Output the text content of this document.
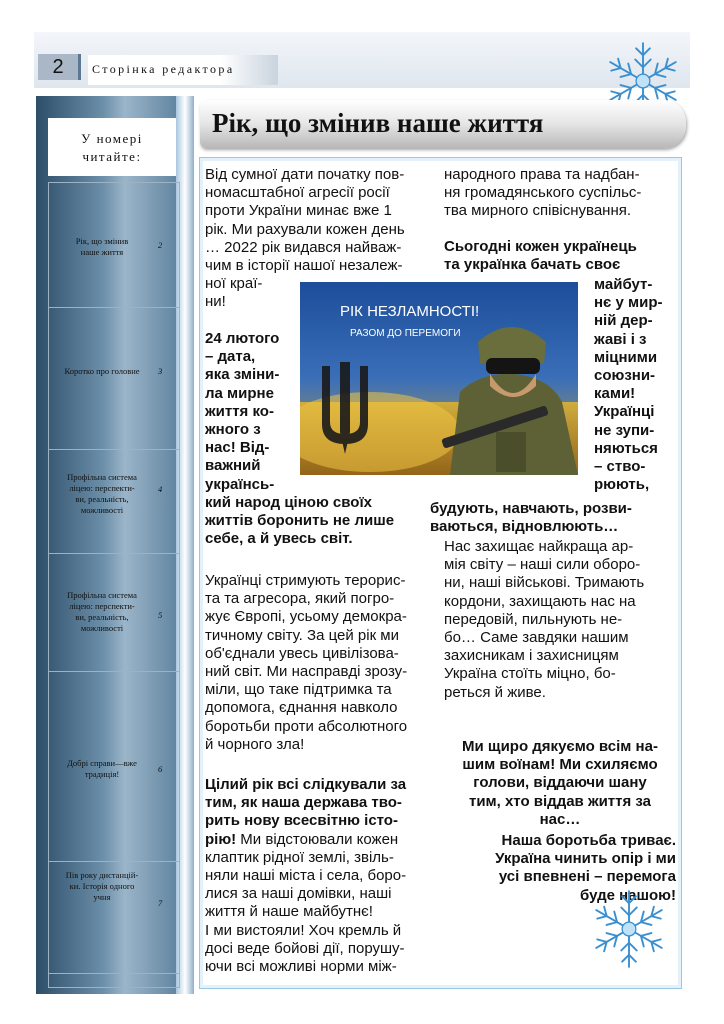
2	Сторінка редактора
У номері
читайте:
Рік, що змінив
наше життя
2
Коротко про головне	3
Профільна система
ліцею: перспекти-
ви, реальність,
можливості
4
Профільна система
ліцею: перспекти-
ви, реальність,
можливості
5
Добрі справи—вже
традиція!	6
Пів року дистанцій-
ки. Історія одного
учня
7
Рік, що змінив наше життя
Від сумної дати початку пов-
номасштабної агресії росії
проти України минає вже 1
рік. Ми рахували кожен день
… 2022 рік видався найваж-
чим в історії нашої незалеж-
ної краї-
ни!
24 лютого
– дата,
яка зміни-
ла мирне
життя ко-
жного з
нас! Від-
важний
українсь-
кий народ ціною своїх
життів боронить не лише
себе, а й увесь світ.
Українці стримують терорис-
та та агресора, який погро-
жує Європі, усьому демокра-
тичному світу. За цей рік ми
об'єднали увесь цивілізова-
ний світ. Ми насправді зрозу-
міли, що таке підтримка та
допомога, єднання навколо
боротьби проти абсолютного
й чорного зла!
Цілий рік всі слідкували за
тим, як наша держава тво-
рить нову всесвітню істо-
рію! Ми відстоювали кожен
клаптик рідної землі, звіль-
няли наші міста і села, боро-
лися за наші домівки, наші
життя й наше майбутнє!
І ми вистояли! Хоч кремль й
досі веде бойові дії, порушу-
ючи всі можливі норми між-
народного права та надбан-
ня громадянського суспільс-
тва мирного співіснування.
Сьогодні кожен українець
та українка бачать своє
майбут-
нє у мир-
ній дер-
жаві і з
міцними
союзни-
ками!
Українці
не зупи-
няються
– ство-
рюють,
будують, навчають, розви-
ваються, відновлюють…
Нас захищає найкраща ар-
мія світу – наші сили оборо-
ни, наші військові. Тримають
кордони, захищають нас на
передовій, пильнують не-
бо… Саме завдяки нашим
захисникам і захисницям
Україна стоїть міцно, бо-
реться й живе.
Ми щиро дякуємо всім на-
шим воїнам! Ми схиляємо
голови, віддаючи шану
тим, хто віддав життя за
нас…
Наша боротьба триває.
Україна чинить опір і ми
усі впевнені – перемога
буде нашою!
РІК НЕЗЛАМНОСТІ!
РАЗОМ ДО ПЕРЕМОГИ
